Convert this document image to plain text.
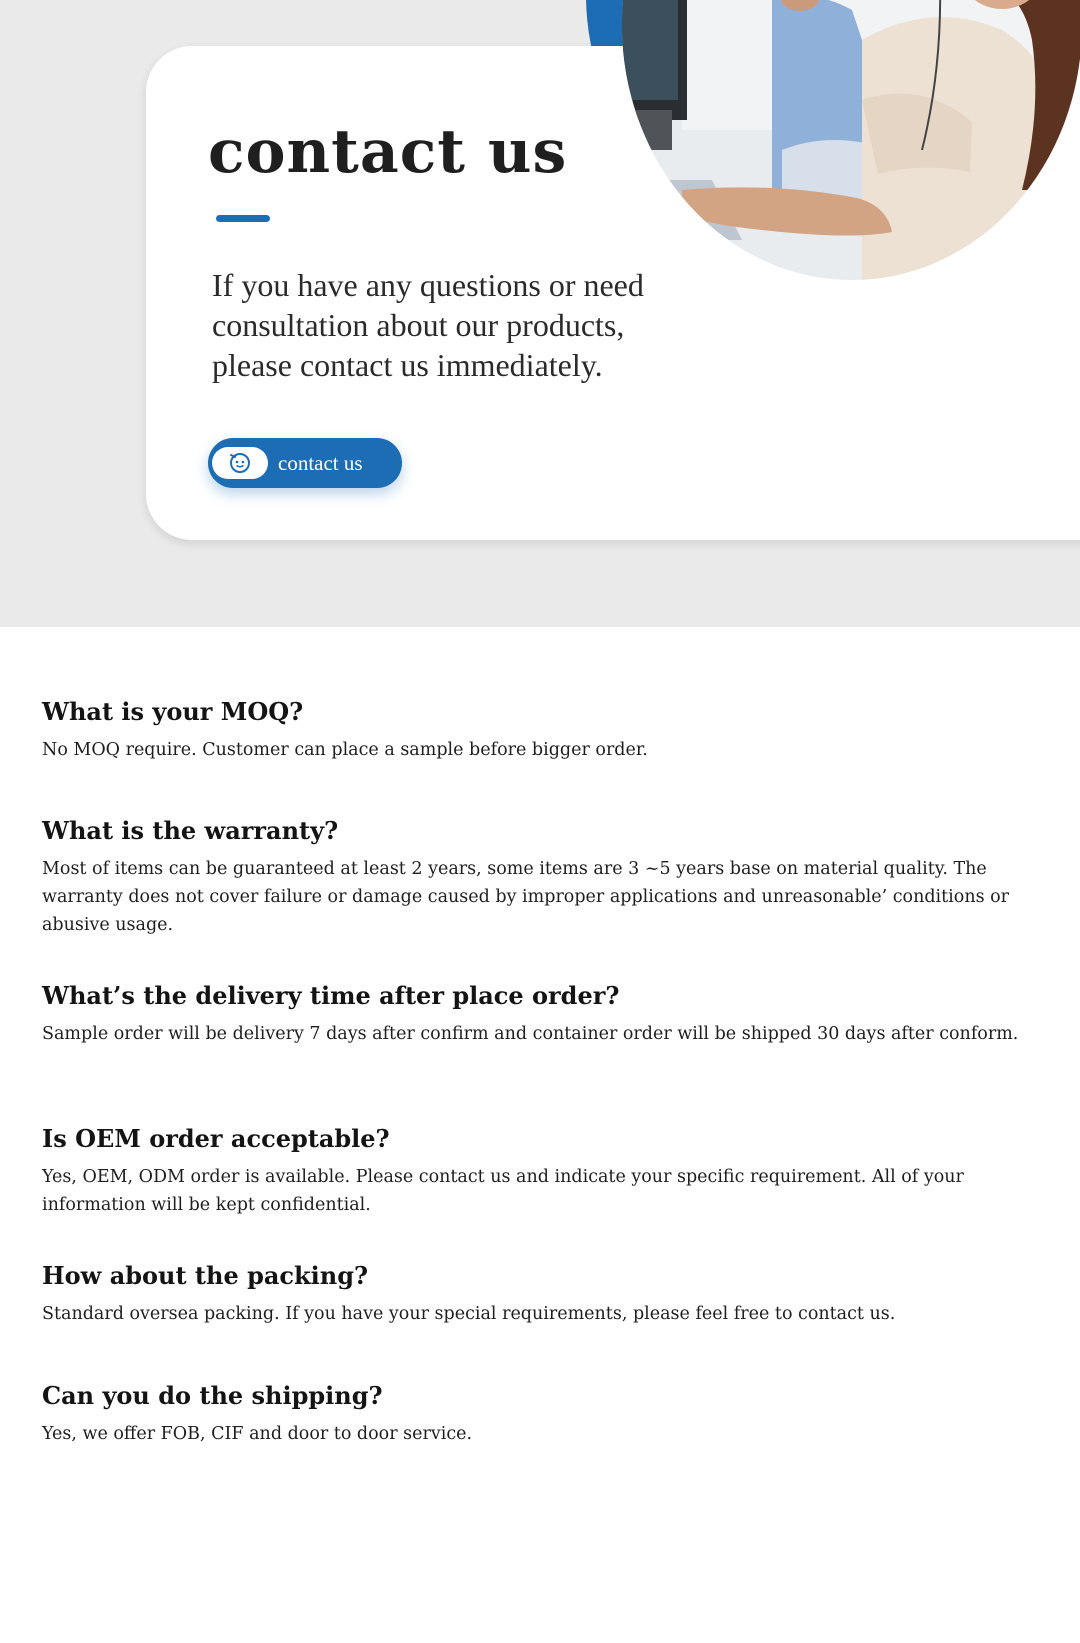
contact us

If you have any questions or need
consultation about our products,
please contact us immediately.

contact us
What is your MOQ?

No MOQ require. Customer can place a sample before bigger order.

What is the warranty?

Most of items can be guaranteed at least 2 years, some items are 3 ~5 years base on material quality. The warranty does not cover failure or damage caused by improper applications and unreasonable’ conditions or abusive usage.

What’s the delivery time after place order?

Sample order will be delivery 7 days after confirm and container order will be shipped 30 days after conform.

Is OEM order acceptable?

Yes, OEM, ODM order is available. Please contact us and indicate your specific requirement. All of your information will be kept confidential.

How about the packing?

Standard oversea packing. If you have your special requirements, please feel free to contact us.

Can you do the shipping?

Yes, we offer FOB, CIF and door to door service.
